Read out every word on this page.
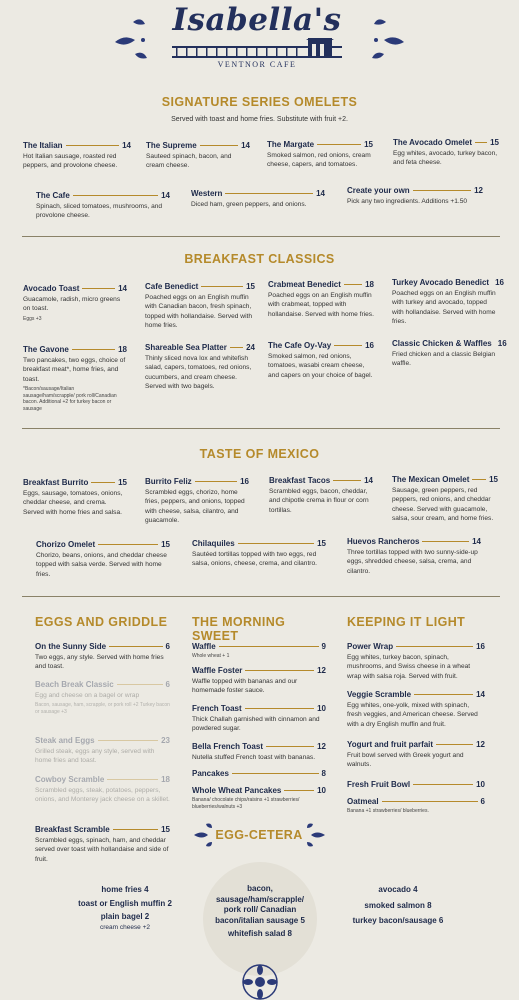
Isabella's
VENTNOR CAFE
SIGNATURE SERIES OMELETS
Served with toast and home fries. Substitute with fruit +2.
The Italian	14
Hot Italian sausage, roasted red peppers, and provolone cheese.
The Supreme	14
Sauteed spinach, bacon, and cream cheese.
The Margate	15
Smoked salmon, red onions, cream cheese, capers, and tomatoes.
The Avocado Omelet 15
Egg whites, avocado, turkey bacon, and feta cheese.
The Cafe	14
Spinach, sliced tomatoes, mushrooms, and provolone cheese.
Western	14
Diced ham, green peppers, and onions.
Create your own	12
Pick any two ingredients. Additions +1.50
BREAKFAST CLASSICS
Avocado Toast	14
Guacamole, radish, micro greens on toast.
Eggs +3
Cafe Benedict	15
Poached eggs on an English muffin with Canadian bacon, fresh spinach, topped with hollandaise. Served with home fries.
Crabmeat Benedict	18
Poached eggs on an English muffin with crabmeat, topped with hollandaise. Served with home fries.
Turkey Avocado Benedict 16
Poached eggs on an English muffin with turkey and avocado, topped with hollandaise. Served with home fries.
The Gavone	18
Two pancakes, two eggs, choice of breakfast meat*, home fries, and toast.
*Bacon/sausage/Italian sausage/ham/scrapple/ pork roll/Canadian bacon. Additional +2 for turkey bacon or sausage
Shareable Sea Platter 24
Thinly sliced nova lox and whitefish salad, capers, tomatoes, red onions, cucumbers, and cream cheese. Served with two bagels.
The Cafe Oy-Vay	16
Smoked salmon, red onions, tomatoes, wasabi cream cheese, and capers on your choice of bagel.
Classic Chicken & Waffles 16
Fried chicken and a classic Belgian waffle.
TASTE OF MEXICO
Breakfast Burrito	15
Eggs, sausage, tomatoes, onions, cheddar cheese, and crema. Served with home fries and salsa.
Burrito Feliz	16
Scrambled eggs, chorizo, home fries, peppers, and onions, topped with cheese, salsa, cilantro, and guacamole.
Breakfast Tacos	14
Scrambled eggs, bacon, cheddar, and chipotle crema in flour or corn tortillas.
The Mexican Omelet 15
Sausage, green peppers, red peppers, red onions, and cheddar cheese. Served with guacamole, salsa, sour cream, and home fries.
Chorizo Omelet	15
Chorizo, beans, onions, and cheddar cheese topped with salsa verde. Served with home fries.
Chilaquiles	15
Sautéed tortillas topped with two eggs, red salsa, onions, cheese, crema, and cilantro.
Huevos Rancheros	14
Three tortillas topped with two sunny-side-up eggs, shredded cheese, salsa, crema, and cilantro.
EGGS AND GRIDDLE
On the Sunny Side	6
Two eggs, any style. Served with home fries and toast.
Beach Break Classic	6
Egg and cheese on a bagel or wrap
Bacon, sausage, ham, scrapple, or pork roll +2 Turkey bacon or sausage +3
Steak and Eggs	23
Grilled steak, eggs any style, served with home fries and toast.
Cowboy Scramble	18
Scrambled eggs, steak, potatoes, peppers, onions, and Monterey jack cheese on a skillet.
Breakfast Scramble	15
Scrambled eggs, spinach, ham, and cheddar served over toast with hollandaise and side of fruit.
THE MORNING SWEET
Waffle	9
Whole wheat + 1
Waffle Foster	12
Waffle topped with bananas and our homemade foster sauce.
French Toast	10
Thick Challah garnished with cinnamon and powdered sugar.
Bella French Toast	12
Nutella stuffed French toast with bananas.
Pancakes	8
Whole Wheat Pancakes	10
Banana/ chocolate chips/raisins +1 strawberries/ blueberries/walnuts +3
KEEPING IT LIGHT
Power Wrap	16
Egg whites, turkey bacon, spinach, mushrooms, and Swiss cheese in a wheat wrap with salsa roja. Served with fruit.
Veggie Scramble	14
Egg whites, one-yolk, mixed with spinach, fresh veggies, and American cheese. Served with a dry English muffin and fruit.
Yogurt and fruit parfait	12
Fruit bowl served with Greek yogurt and walnuts.
Fresh Fruit Bowl	10
Oatmeal	6
Banana +1 strawberries/ blueberries.
EGG-CETERA
home fries 4
toast or English muffin 2
plain bagel 2
cream cheese +2
bacon,
sausage/ham/scrapple/
pork roll/ Canadian
bacon/italian sausage 5
whitefish salad 8
avocado 4
smoked salmon 8
turkey bacon/sausage 6
